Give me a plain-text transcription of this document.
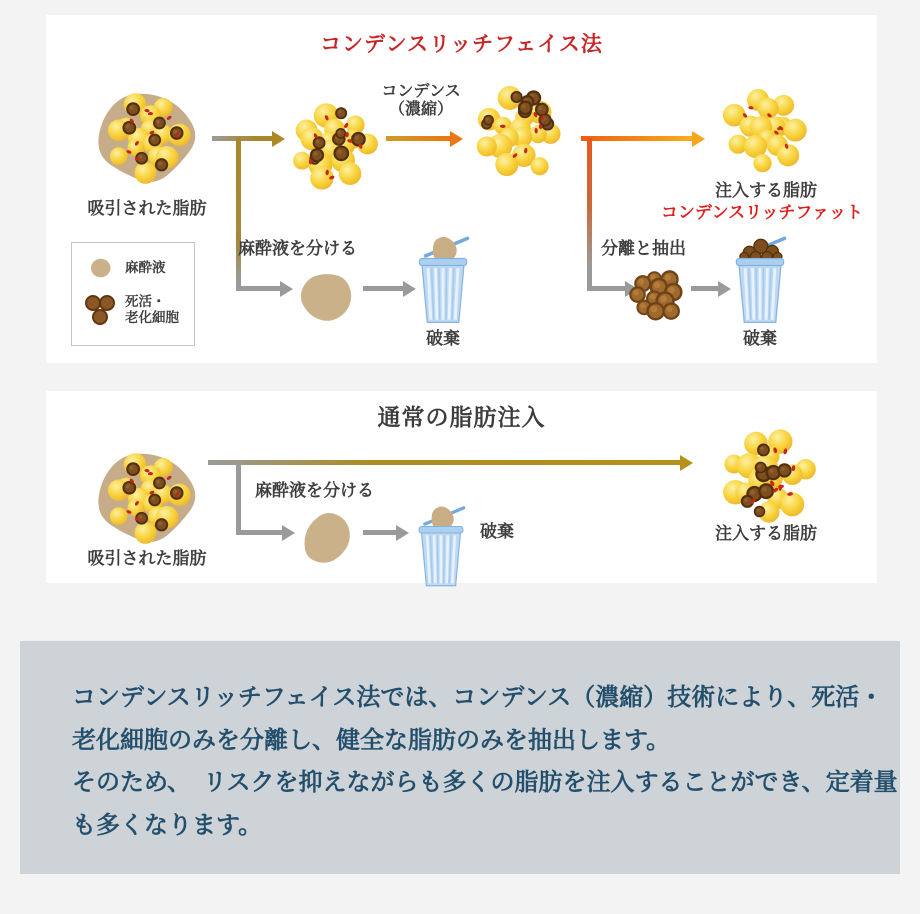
コンデンスリッチフェイス法
吸引された脂肪
麻酔液
死活・
老化細胞
麻酔液を分ける
破棄
コンデンス
（濃縮）
分離と抽出
破棄
注入する脂肪
コンデンスリッチファット
通常の脂肪注入
吸引された脂肪
麻酔液を分ける
破棄	注入する脂肪
コンデンスリッチフェイス法では、コンデンス（濃縮）技術により、死活・
老化細胞のみを分離し、健全な脂肪のみを抽出します。
そのため、　リスクを抑えながらも多くの脂肪を注入することができ、定着量
も多くなります。
